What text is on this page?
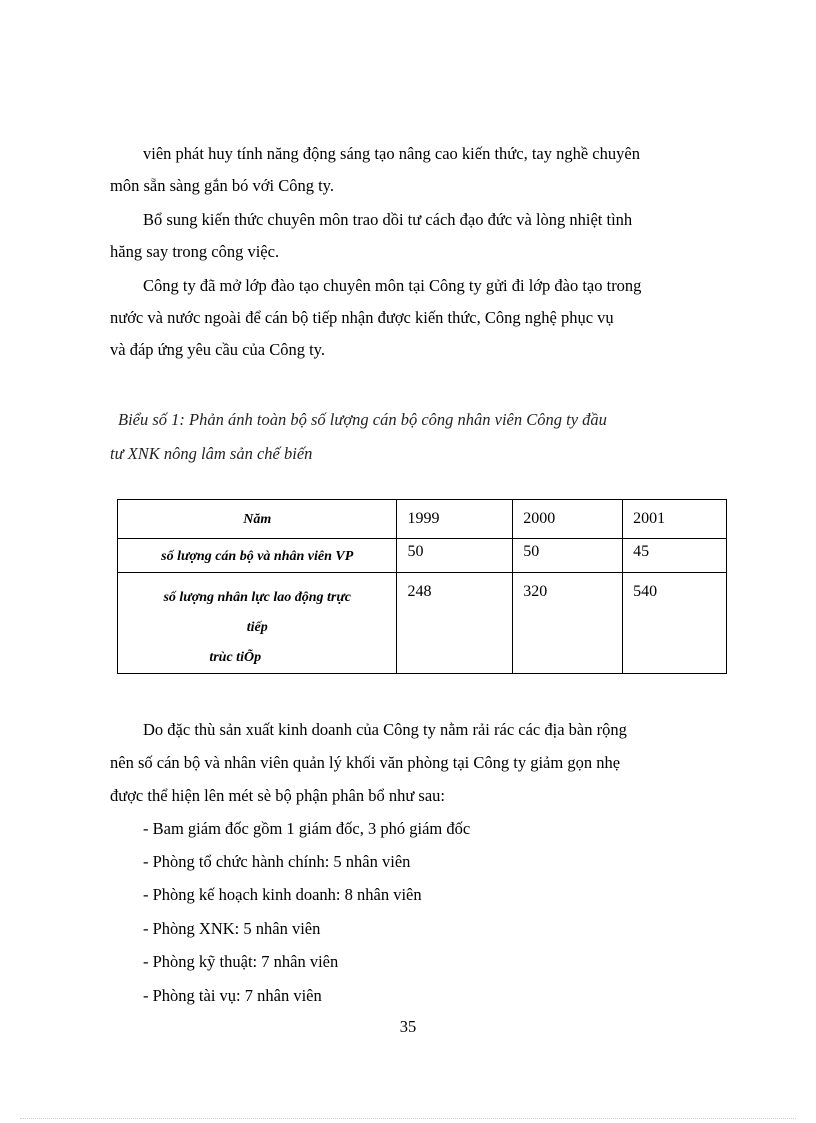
viên phát huy tính năng động sáng tạo nâng cao kiến thức, tay nghề chuyên
môn sẵn sàng gắn bó với Công ty.
Bổ sung kiến thức chuyên môn trao dồi tư cách đạo đức và lòng nhiệt tình
hăng say trong công việc.
Công ty đã mở lớp đào tạo chuyên môn tại Công ty gửi đi lớp đào tạo trong
nước và nước ngoài để cán bộ tiếp nhận được kiến thức, Công nghệ phục vụ
và đáp ứng yêu cầu của Công ty.
Biểu số 1: Phản ánh toàn bộ số lượng cán bộ công nhân viên Công ty đầu
tư XNK nông lâm sản chế biến
Năm	1999	2000	2001
số lượng cán bộ và nhân viên VP	50	50	45

số lượng nhân lực lao động trực
tiếp
trùc tiÕp	248	320	540
Do đặc thù sản xuất kinh doanh của Công ty nằm rải rác các địa bàn rộng
nên số cán bộ và nhân viên quản lý khối văn phòng tại Công ty giảm gọn nhẹ
được thể hiện lên mét sè bộ phận phân bổ như sau:
- Bam giám đốc gồm 1 giám đốc, 3 phó giám đốc
- Phòng tổ chức hành chính: 5 nhân viên
- Phòng kế hoạch kinh doanh: 8 nhân viên
- Phòng XNK: 5 nhân viên
- Phòng kỹ thuật: 7 nhân viên
- Phòng tài vụ: 7 nhân viên
35
